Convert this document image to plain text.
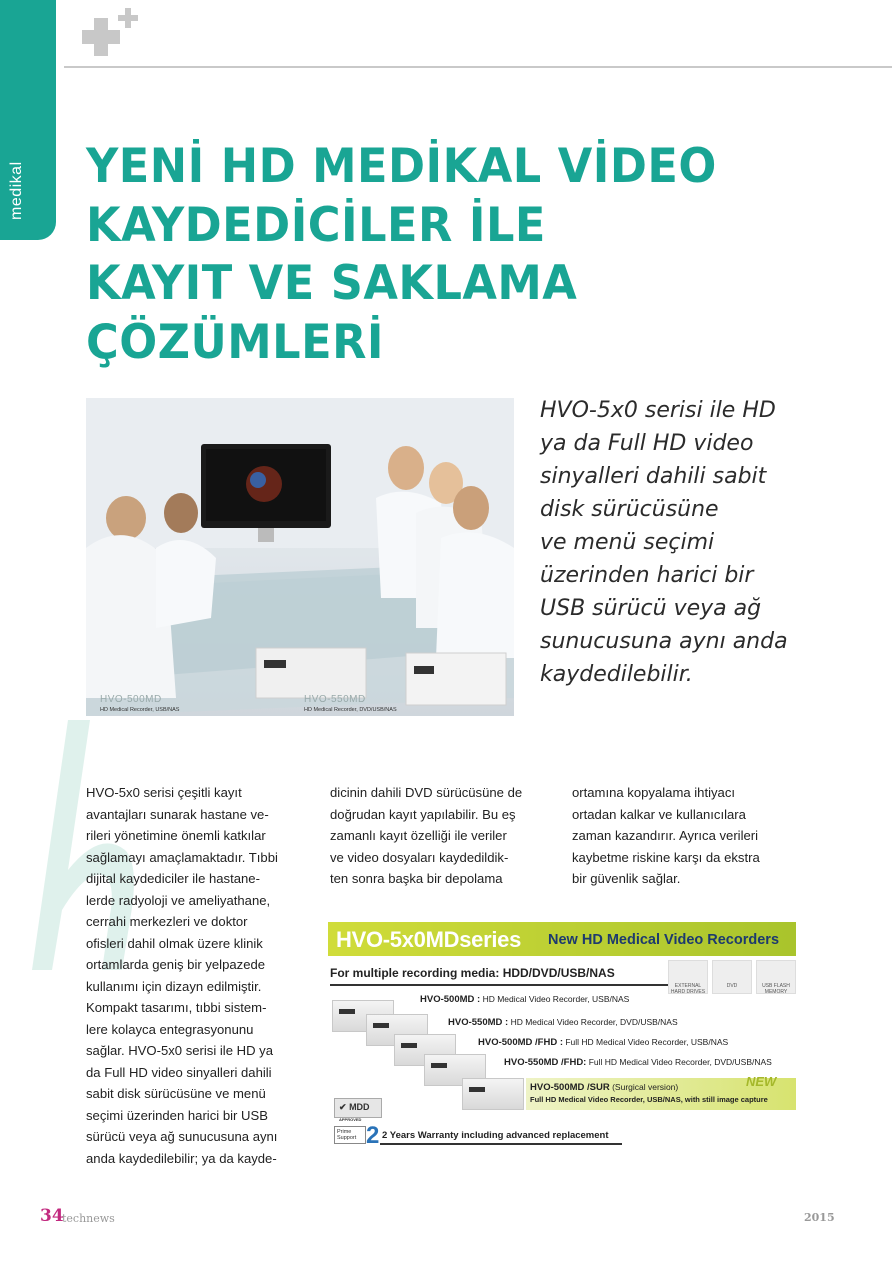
medikal YENİ HD MEDİKAL VİDEO
KAYDEDİCİLER İLE
KAYIT VE SAKLAMA
ÇÖZÜMLERİ
HVO-500MD
HD Medical Recorder, USB/NAS
HVO-550MD
HD Medical Recorder, DVD/USB/NAS
HVO-5x0 serisi ile HD
ya da Full HD video
sinyalleri dahili sabit
disk sürücüsüne
ve menü seçimi
üzerinden harici bir
USB sürücü veya ağ
sunucusuna aynı anda
kaydedilebilir.
HVO-5x0 serisi çeşitli kayıt
avantajları sunarak hastane ve-
rileri yönetimine önemli katkılar
sağlamayı amaçlamaktadır. Tıbbi
dijital kaydediciler ile hastane-
lerde radyoloji ve ameliyathane,
cerrahi merkezleri ve doktor
ofisleri dahil olmak üzere klinik
ortamlarda geniş bir yelpazede
kullanımı için dizayn edilmiştir.
Kompakt tasarımı, tıbbi sistem-
lere kolayca entegrasyonunu
sağlar. HVO-5x0 serisi ile HD ya
da Full HD video sinyalleri dahili
sabit disk sürücüsüne ve menü
seçimi üzerinden harici bir USB
sürücü veya ağ sunucusuna aynı
anda kaydedilebilir; ya da kayde-
dicinin dahili DVD sürücüsüne de
doğrudan kayıt yapılabilir. Bu eş
zamanlı kayıt özelliği ile veriler
ve video dosyaları kaydedildik-
ten sonra başka bir depolama
ortamına kopyalama ihtiyacı
ortadan kalkar ve kullanıcılara
zaman kazandırır. Ayrıca verileri
kaybetme riskine karşı da ekstra
bir güvenlik sağlar.
HVO-5x0MDseries New HD Medical Video Recorders
For multiple recording media: HDD/DVD/USB/NAS
EXTERNAL HARD DRIVES
DVD	USB FLASH MEMORY
HVO-500MD : HD Medical Video Recorder, USB/NAS
HVO-550MD : HD Medical Video Recorder, DVD/USB/NAS
HVO-500MD /FHD : Full HD Medical Video Recorder, USB/NAS
HVO-550MD /FHD: Full HD Medical Video Recorder, DVD/USB/NAS
HVO-500MD /SUR (Surgical version)
Full HD Medical Video Recorder, USB/NAS, with still image capture
NEW
✔ MDD APPROVED
Prime Support 2 2 Years Warranty including advanced replacement
34
technews	2015
